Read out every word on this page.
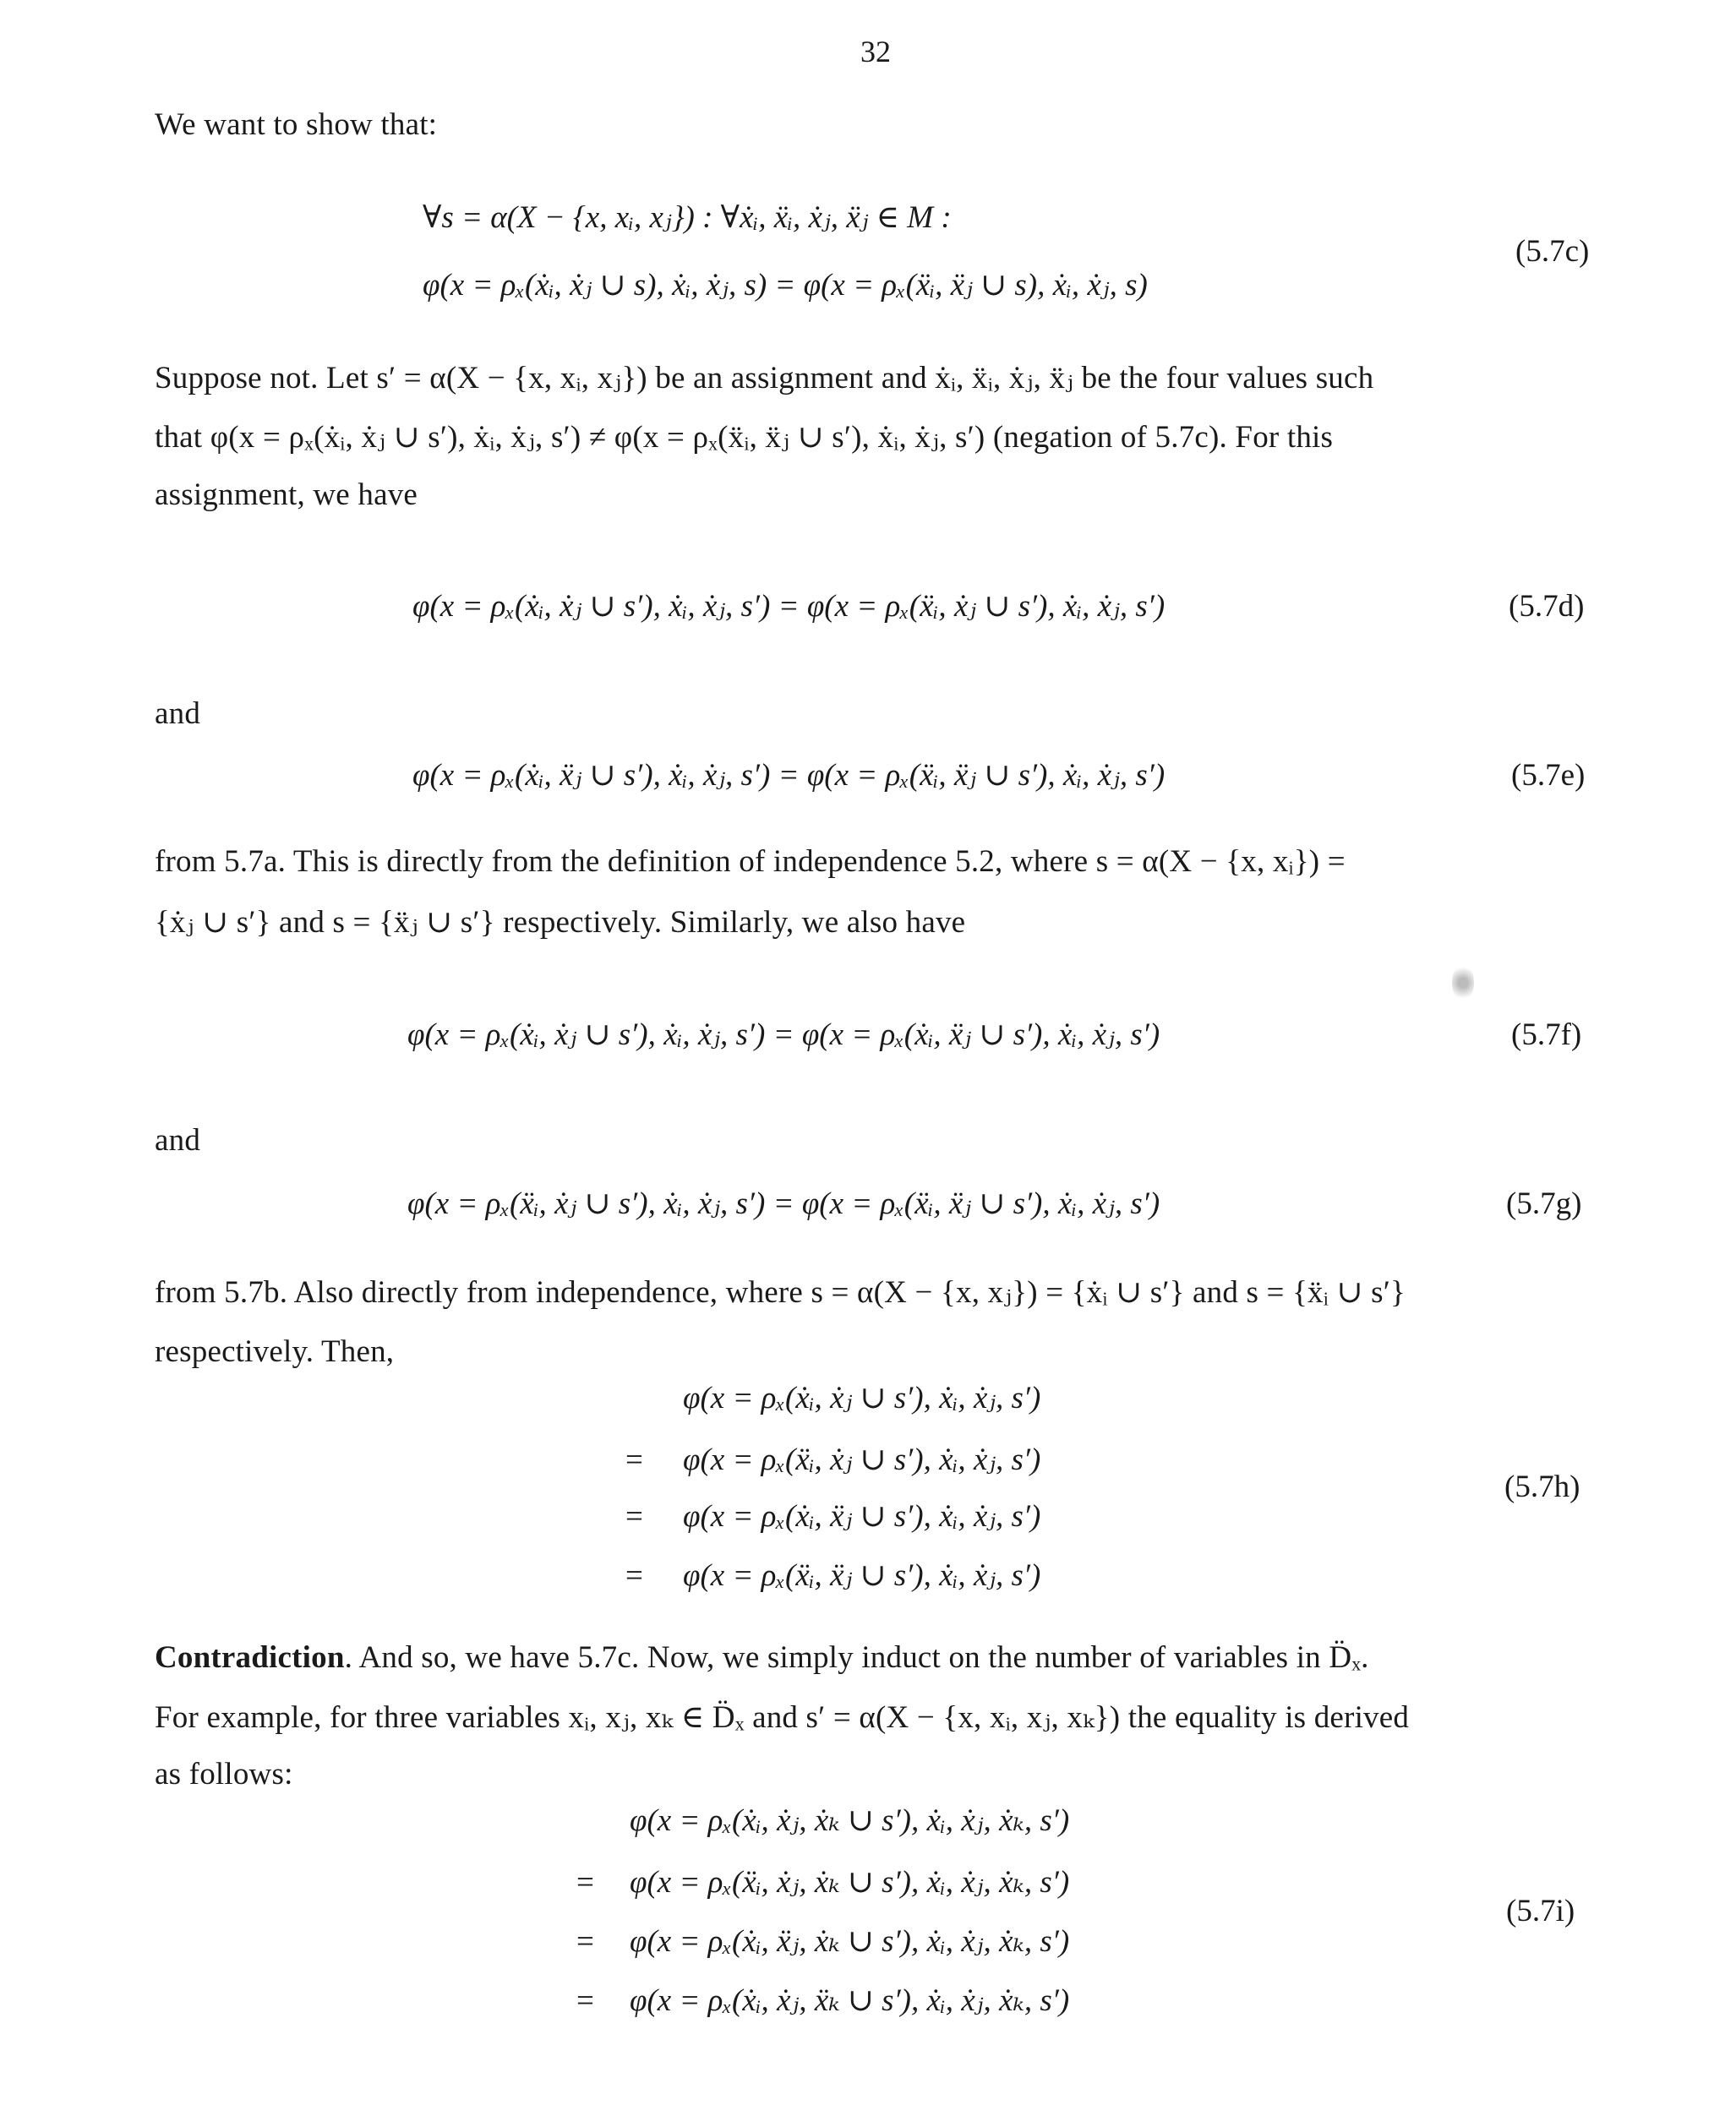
32
We want to show that:
∀s = α(X − {x, xᵢ, xⱼ}) : ∀ẋᵢ, ẍᵢ, ẋⱼ, ẍⱼ ∈ M :
φ(x = ρₓ(ẋᵢ, ẋⱼ ∪ s), ẋᵢ, ẋⱼ, s) = φ(x = ρₓ(ẍᵢ, ẍⱼ ∪ s), ẋᵢ, ẋⱼ, s)
(5.7c)
Suppose not. Let s′ = α(X − {x, xᵢ, xⱼ}) be an assignment and ẋᵢ, ẍᵢ, ẋⱼ, ẍⱼ be the four values such
that φ(x = ρₓ(ẋᵢ, ẋⱼ ∪ s′), ẋᵢ, ẋⱼ, s′) ≠ φ(x = ρₓ(ẍᵢ, ẍⱼ ∪ s′), ẋᵢ, ẋⱼ, s′) (negation of 5.7c). For this
assignment, we have
φ(x = ρₓ(ẋᵢ, ẋⱼ ∪ s′), ẋᵢ, ẋⱼ, s′) = φ(x = ρₓ(ẍᵢ, ẋⱼ ∪ s′), ẋᵢ, ẋⱼ, s′)	(5.7d)
and
φ(x = ρₓ(ẋᵢ, ẍⱼ ∪ s′), ẋᵢ, ẋⱼ, s′) = φ(x = ρₓ(ẍᵢ, ẍⱼ ∪ s′), ẋᵢ, ẋⱼ, s′)	(5.7e)
from 5.7a. This is directly from the definition of independence 5.2, where s = α(X − {x, xᵢ}) =
{ẋⱼ ∪ s′} and s = {ẍⱼ ∪ s′} respectively. Similarly, we also have
φ(x = ρₓ(ẋᵢ, ẋⱼ ∪ s′), ẋᵢ, ẋⱼ, s′) = φ(x = ρₓ(ẋᵢ, ẍⱼ ∪ s′), ẋᵢ, ẋⱼ, s′)	(5.7f)
and
φ(x = ρₓ(ẍᵢ, ẋⱼ ∪ s′), ẋᵢ, ẋⱼ, s′) = φ(x = ρₓ(ẍᵢ, ẍⱼ ∪ s′), ẋᵢ, ẋⱼ, s′)	(5.7g)
from 5.7b. Also directly from independence, where s = α(X − {x, xⱼ}) = {ẋᵢ ∪ s′} and s = {ẍᵢ ∪ s′}
respectively. Then,
φ(x = ρₓ(ẋᵢ, ẋⱼ ∪ s′), ẋᵢ, ẋⱼ, s′)
= φ(x = ρₓ(ẍᵢ, ẋⱼ ∪ s′), ẋᵢ, ẋⱼ, s′)
= φ(x = ρₓ(ẋᵢ, ẍⱼ ∪ s′), ẋᵢ, ẋⱼ, s′)
= φ(x = ρₓ(ẍᵢ, ẍⱼ ∪ s′), ẋᵢ, ẋⱼ, s′)
(5.7h)
Contradiction. And so, we have 5.7c. Now, we simply induct on the number of variables in D̈ₓ.
For example, for three variables xᵢ, xⱼ, xₖ ∈ D̈ₓ and s′ = α(X − {x, xᵢ, xⱼ, xₖ}) the equality is derived
as follows:
φ(x = ρₓ(ẋᵢ, ẋⱼ, ẋₖ ∪ s′), ẋᵢ, ẋⱼ, ẋₖ, s′)
= φ(x = ρₓ(ẍᵢ, ẋⱼ, ẋₖ ∪ s′), ẋᵢ, ẋⱼ, ẋₖ, s′)
= φ(x = ρₓ(ẋᵢ, ẍⱼ, ẋₖ ∪ s′), ẋᵢ, ẋⱼ, ẋₖ, s′)
= φ(x = ρₓ(ẋᵢ, ẋⱼ, ẍₖ ∪ s′), ẋᵢ, ẋⱼ, ẋₖ, s′)
(5.7i)
